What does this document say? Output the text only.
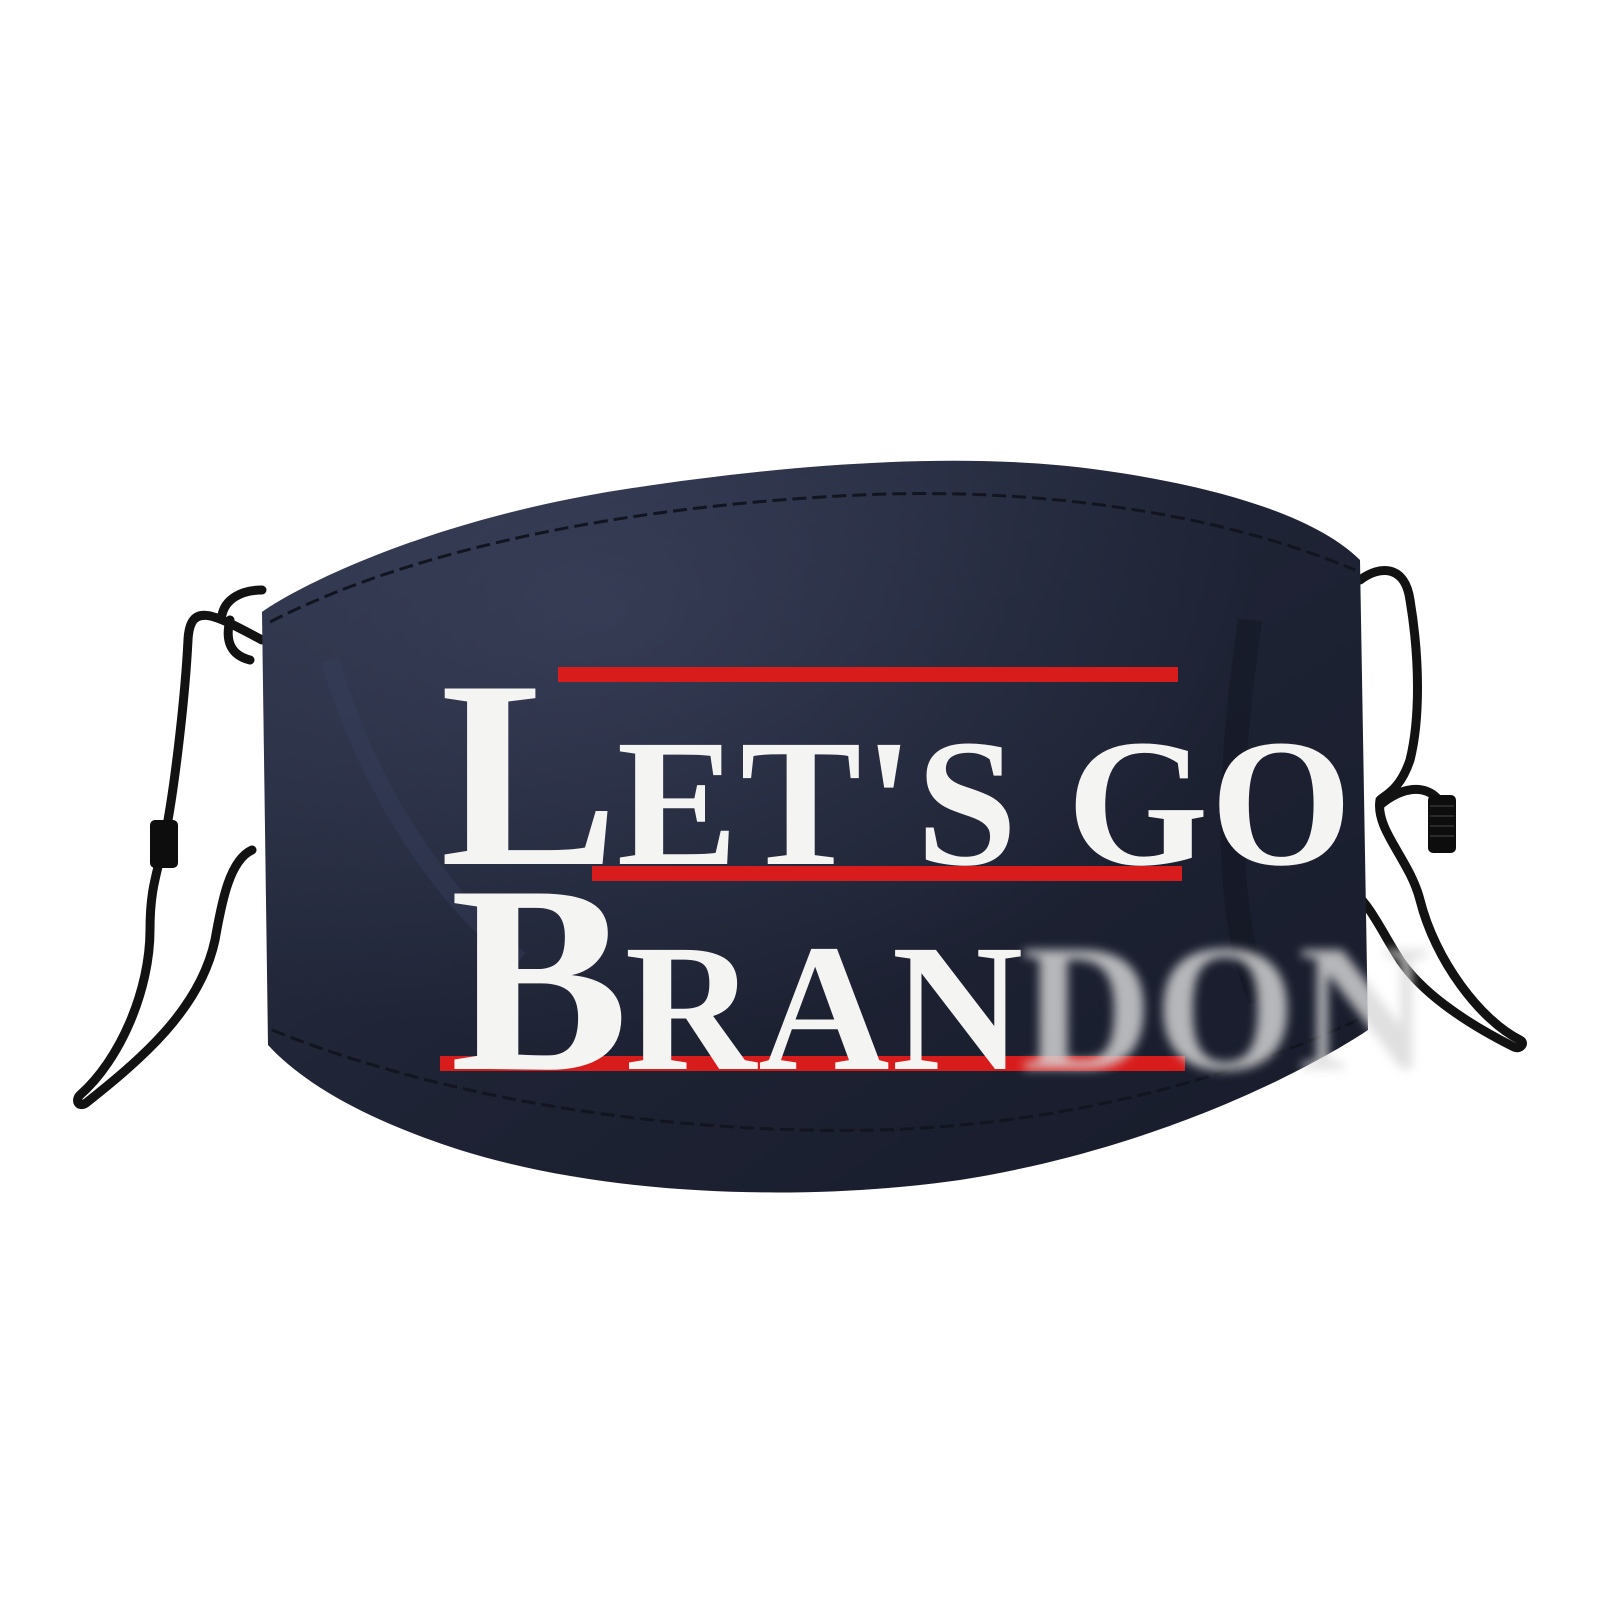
LET'S GO
BRANDON
